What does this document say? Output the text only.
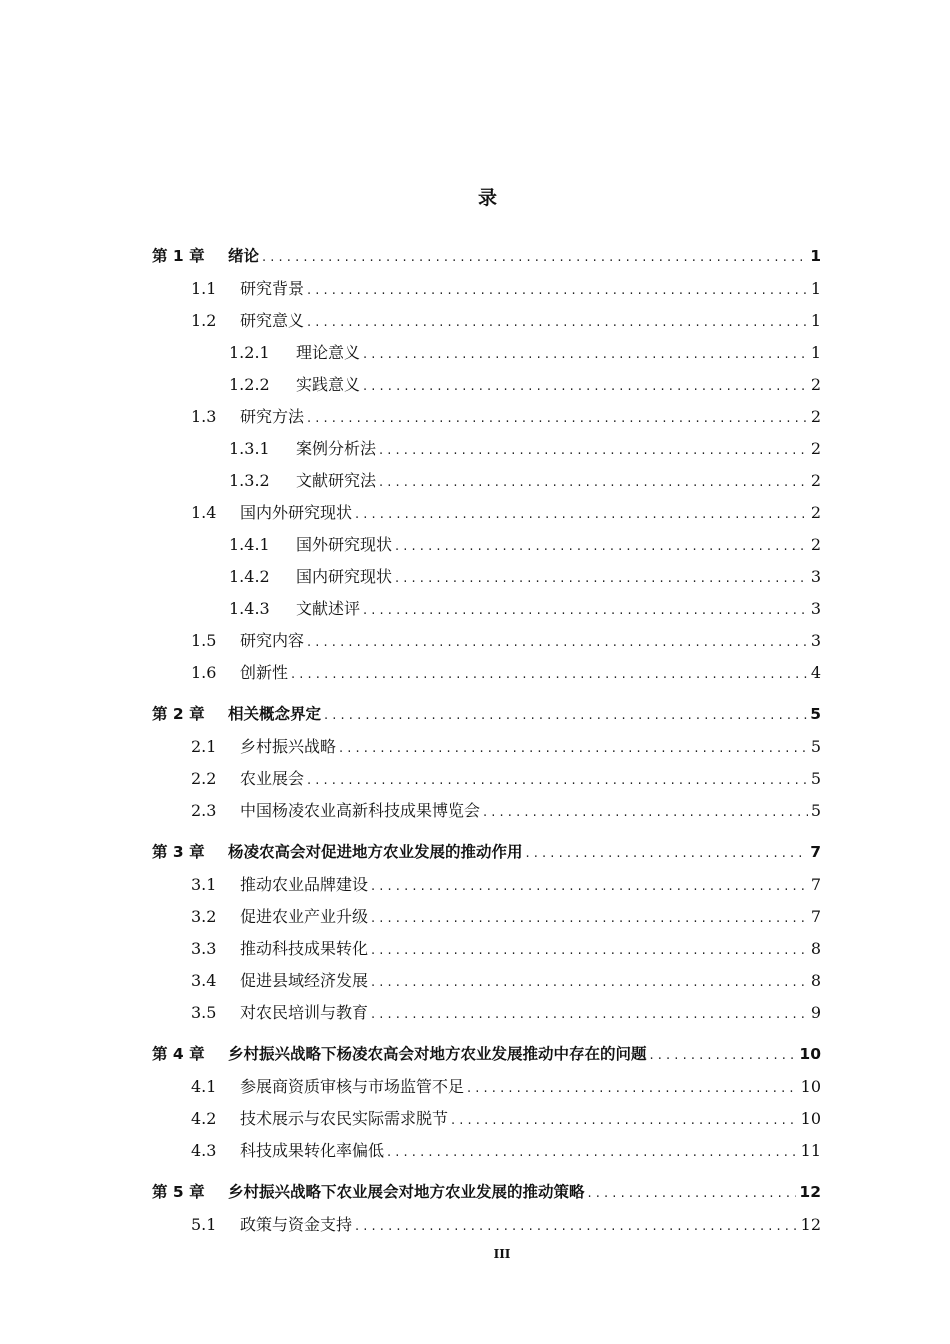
录
第 1 章	绪论 . . .	1
1.1	研究背景 . . .	1
1.2	研究意义 . . .	1
1.2.1	理论意义 . . .	1
1.2.2	实践意义 . . .	2
1.3	研究方法 . . .	2
1.3.1	案例分析法 . . .	2
1.3.2	文献研究法 . . .	2
1.4	国内外研究现状 . . .	2
1.4.1	国外研究现状 . . .	2
1.4.2	国内研究现状 . . .	3
1.4.3	文献述评 . . .	3
1.5	研究内容 . . .	3
1.6	创新性 . . .	4
第 2 章	相关概念界定 . . .	5
2.1	乡村振兴战略 . . .	5
2.2	农业展会 . . .	5
2.3	中国杨凌农业高新科技成果博览会 . . .	5
第 3 章	杨凌农高会对促进地方农业发展的推动作用 . . .	7
3.1	推动农业品牌建设 . . .	7
3.2	促进农业产业升级 . . .	7
3.3	推动科技成果转化 . . .	8
3.4	促进县域经济发展 . . .	8
3.5	对农民培训与教育 . . .	9
第 4 章	乡村振兴战略下杨凌农高会对地方农业发展推动中存在的问题 . . .	10
4.1	参展商资质审核与市场监管不足 . . .	10
4.2	技术展示与农民实际需求脱节 . . .	10
4.3	科技成果转化率偏低 . . .	11
第 5 章	乡村振兴战略下农业展会对地方农业发展的推动策略 . . .	12
5.1	政策与资金支持 . . .	12
III
